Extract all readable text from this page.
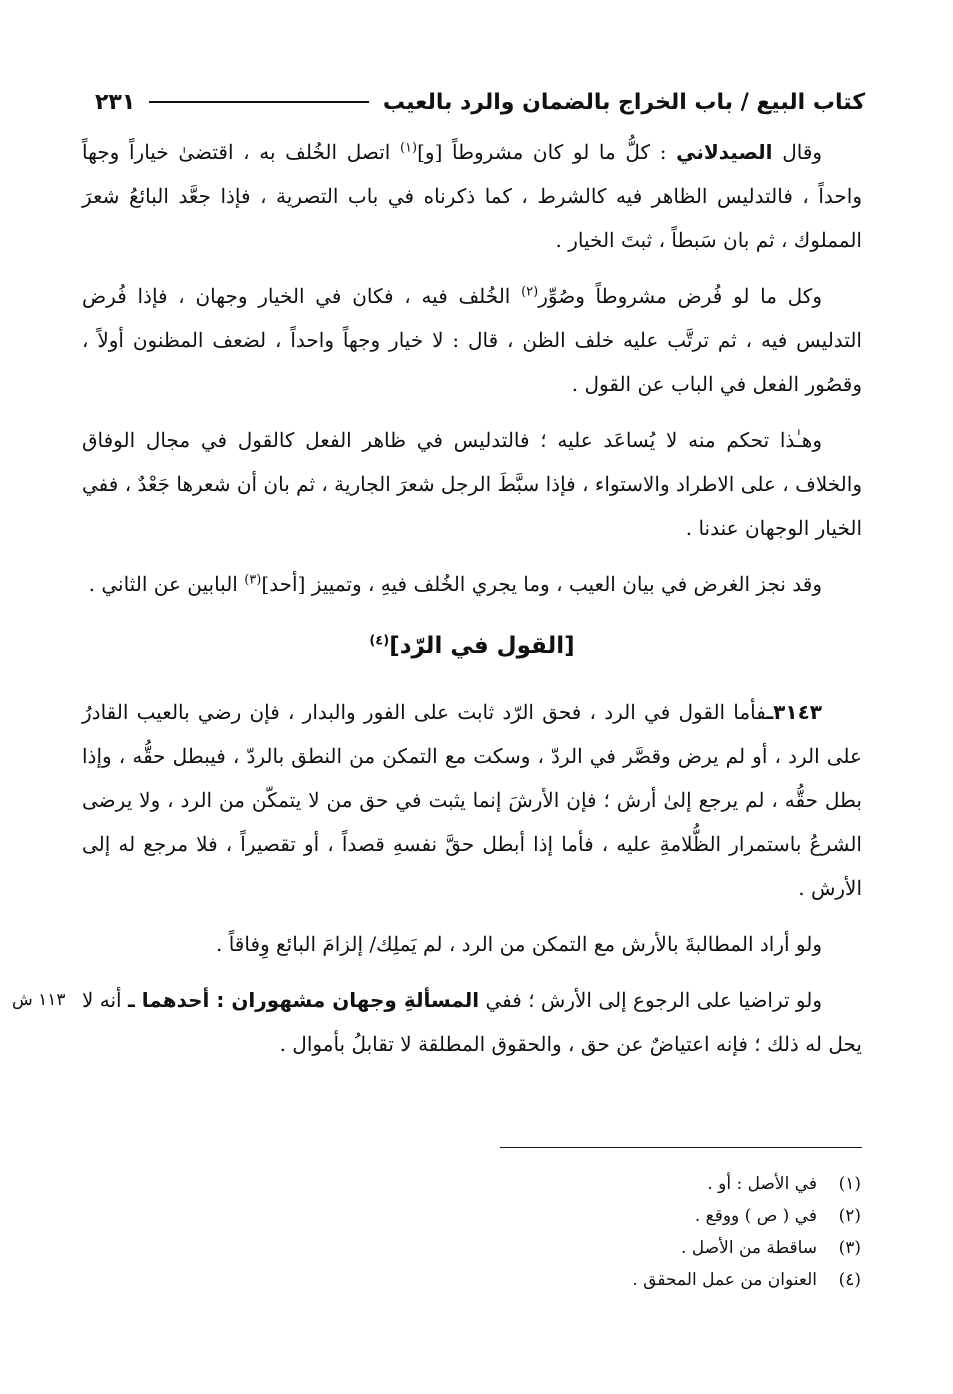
كتاب البيع / باب الخراج بالضمان والرد بالعيب
٢٣١

وقال الصيدلاني : كلُّ ما لو كان مشروطاً [و]$^{(١)}$ اتصل الخُلف به ، اقتضىٰ خياراً وجهاً واحداً ، فالتدليس الظاهر فيه كالشرط ، كما ذكرناه في باب التصرية ، فإذا جعَّد البائعُ شعرَ المملوك ، ثم بان سَبطاً ، ثبتَ الخيار .

وكل ما لو فُرض مشروطاً وصُوِّر$^{(٢)}$ الخُلف فيه ، فكان في الخيار وجهان ، فإذا فُرض التدليس فيه ، ثم ترتَّب عليه خلف الظن ، قال : لا خيار وجهاً واحداً ، لضعف المظنون أولاً ، وقصُور الفعل في الباب عن القول .

وهـٰذا تحكم منه لا يُساعَد عليه ؛ فالتدليس في ظاهر الفعل كالقول في مجال الوفاق والخلاف ، على الاطراد والاستواء ، فإذا سبَّطَ الرجل شعرَ الجارية ، ثم بان أن شعرها جَعْدٌ ، ففي الخيار الوجهان عندنا .

وقد نجز الغرض في بيان العيب ، وما يجري الخُلف فيهِ ، وتمييز [أحد]$^{(٣)}$ البابين عن الثاني .

[القول في الرّد]$^{(٤)}$

٣١٤٣ـفأما القول في الرد ، فحق الرّد ثابت على الفور والبدار ، فإن رضي بالعيب القادرُ على الرد ، أو لم يرض وقصَّر في الردّ ، وسكت مع التمكن من النطق بالردّ ، فيبطل حقُّه ، وإذا بطل حقُّه ، لم يرجع إلىٰ أرش ؛ فإن الأرشَ إنما يثبت في حق من لا يتمكّن من الرد ، ولا يرضى الشرعُ باستمرار الظُّلامةِ عليه ، فأما إذا أبطل حقَّ نفسهِ قصداً ، أو تقصيراً ، فلا مرجع له إلى الأرش .

ولو أراد المطالبةَ بالأرش مع التمكن من الرد ، لم يَملِك/ إلزامَ البائع وِفاقاً .

ولو تراضيا على الرجوع إلى الأرش ؛ ففي المسألةِ وجهان مشهوران : أحدهما ـ أنه لا يحل له ذلك ؛ فإنه اعتياضٌ عن حق ، والحقوق المطلقة لا تقابلُ بأموال .

١١٣ ش
(١)
في الأصل : أو .
(٢)
في ( ص ) ووقع .
(٣)
ساقطة من الأصل .
(٤)
العنوان من عمل المحقق .
